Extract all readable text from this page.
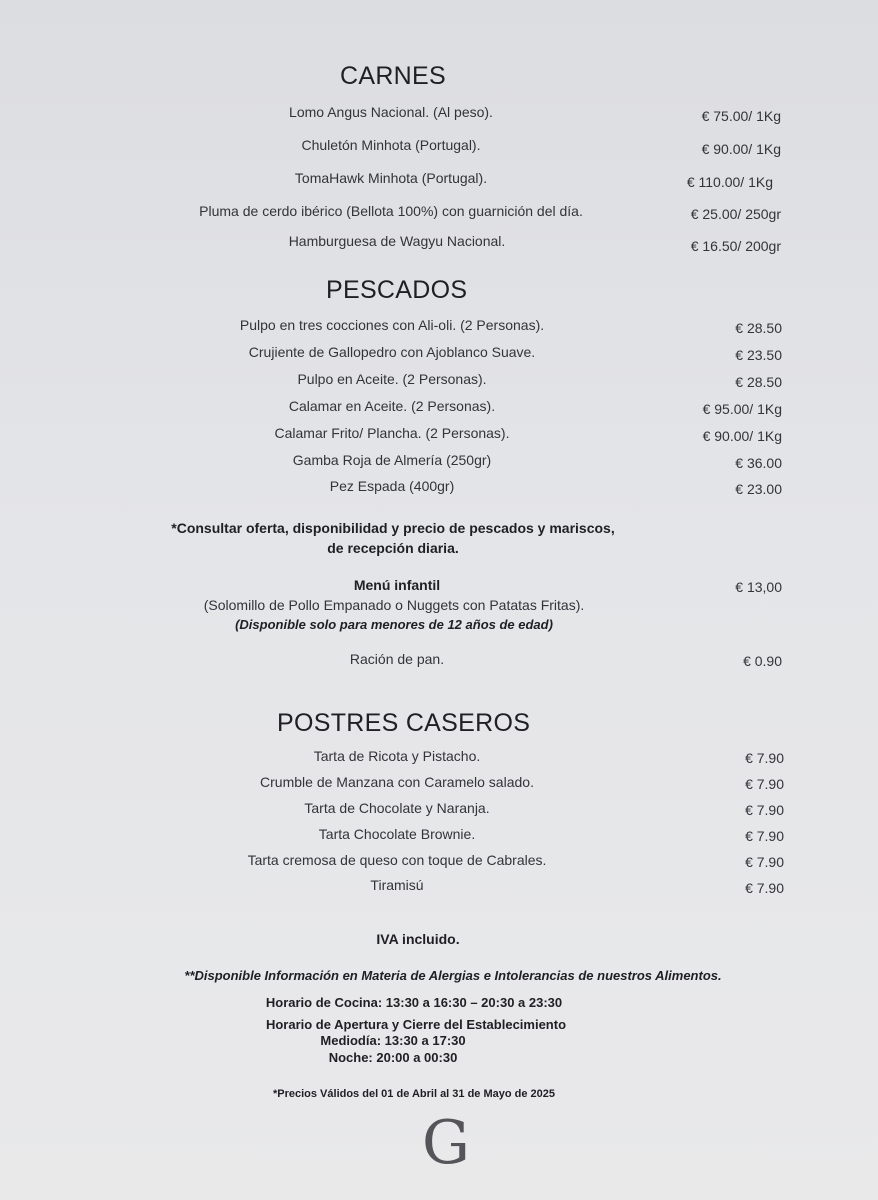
CARNES
Lomo Angus Nacional. (Al peso).	€ 75.00/ 1Kg
Chuletón Minhota (Portugal).	€ 90.00/ 1Kg
TomaHawk Minhota (Portugal).	€ 110.00/ 1Kg
Pluma de cerdo ibérico (Bellota 100%) con guarnición del día.	€ 25.00/ 250gr
Hamburguesa de Wagyu Nacional.	€ 16.50/ 200gr
PESCADOS
Pulpo en tres cocciones con Ali-oli. (2 Personas).	€ 28.50
Crujiente de Gallopedro con Ajoblanco Suave.	€ 23.50
Pulpo en Aceite. (2 Personas).	€ 28.50
Calamar en Aceite. (2 Personas).	€ 95.00/ 1Kg
Calamar Frito/ Plancha. (2 Personas).	€ 90.00/ 1Kg
Gamba Roja de Almería (250gr)	€ 36.00
Pez Espada (400gr)	€ 23.00
*Consultar oferta, disponibilidad y precio de pescados y mariscos,
de recepción diaria.
Menú infantil	€ 13,00
(Solomillo de Pollo Empanado o Nuggets con Patatas Fritas).
(Disponible solo para menores de 12 años de edad)
Ración de pan.	€ 0.90
POSTRES CASEROS
Tarta de Ricota y Pistacho.	€ 7.90
Crumble de Manzana con Caramelo salado.	€ 7.90
Tarta de Chocolate y Naranja.	€ 7.90
Tarta Chocolate Brownie.	€ 7.90
Tarta cremosa de queso con toque de Cabrales.	€ 7.90
Tiramisú	€ 7.90
IVA incluido.
**Disponible Información en Materia de Alergias e Intolerancias de nuestros Alimentos.
Horario de Cocina: 13:30 a 16:30 – 20:30 a 23:30
Horario de Apertura y Cierre del Establecimiento
Mediodía: 13:30 a 17:30
Noche: 20:00 a 00:30
*Precios Válidos del 01 de Abril al 31 de Mayo de 2025
G
